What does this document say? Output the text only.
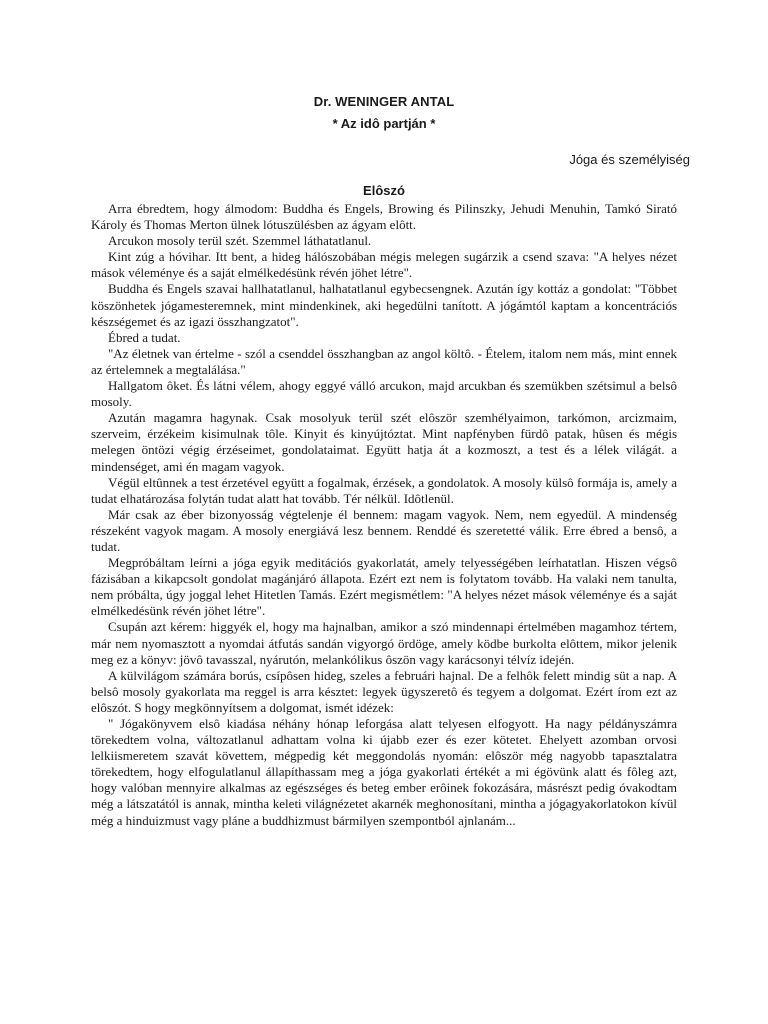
Dr. WENINGER ANTAL
* Az idô partján *
Jóga és személyiség
Elôszó

Arra ébredtem, hogy álmodom: Buddha és Engels, Browing és Pilinszky, Jehudi Menuhin, Tamkó Sirató Károly és Thomas Merton ülnek lótuszülésben az ágyam elôtt.

Arcukon mosoly terül szét. Szemmel láthatatlanul.

Kint zúg a hóvihar. Itt bent, a hideg hálószobában mégis melegen sugárzik a csend szava: "A helyes nézet mások véleménye és a saját elmélkedésünk révén jöhet létre".

Buddha és Engels szavai hallhatatlanul, halhatatlanul egybecsengnek. Azután így kottáz a gondolat: "Többet köszönhetek jógamesteremnek, mint mindenkinek, aki hegedülni tanított. A jógámtól kaptam a koncentrációs készségemet és az igazi összhangzatot".

Ébred a tudat.

"Az életnek van értelme - szól a csenddel összhangban az angol költô. - Ételem, italom nem más, mint ennek az értelemnek a megtalálása."

Hallgatom ôket. És látni vélem, ahogy eggyé válló arcukon, majd arcukban és szemükben szétsimul a belsô mosoly.

Azután magamra hagynak. Csak mosolyuk terül szét elôször szemhélyaimon, tarkómon, arcizmaim, szerveim, érzékeim kisimulnak tôle. Kinyit és kinyújtóztat. Mint napfényben fürdô patak, hûsen és mégis melegen öntözi végig érzéseimet, gondolataimat. Együtt hatja át a kozmoszt, a test és a lélek világát. a mindenséget, ami én magam vagyok.

Végül eltûnnek a test érzetével együtt a fogalmak, érzések, a gondolatok. A mosoly külsô formája is, amely a tudat elhatározása folytán tudat alatt hat tovább. Tér nélkül. Idôtlenül.

Már csak az éber bizonyosság végtelenje él bennem: magam vagyok. Nem, nem egyedül. A mindenség részeként vagyok magam. A mosoly energiává lesz bennem. Renddé és szeretetté válik. Erre ébred a bensô, a tudat.

Megpróbáltam leírni a jóga egyik meditációs gyakorlatát, amely telyességében leírhatatlan. Hiszen végsô fázisában a kikapcsolt gondolat magánjáró állapota. Ezért ezt nem is folytatom tovább. Ha valaki nem tanulta, nem próbálta, úgy joggal lehet Hitetlen Tamás. Ezért megismétlem: "A helyes nézet mások véleménye és a saját elmélkedésünk révén jöhet létre".

Csupán azt kérem: higgyék el, hogy ma hajnalban, amikor a szó mindennapi értelmében magamhoz tértem, már nem nyomasztott a nyomdai átfutás sandán vigyorgó ördöge, amely ködbe burkolta elôttem, mikor jelenik meg ez a könyv: jövô tavasszal, nyárutón, melankólikus ôszön vagy karácsonyi télvíz idején.

A külvilágom számára borús, csípôsen hideg, szeles a februári hajnal. De a felhôk felett mindig süt a nap. A belsô mosoly gyakorlata ma reggel is arra késztet: legyek ügyszeretô és tegyem a dolgomat. Ezért írom ezt az elôszót. S hogy megkönnyítsem a dolgomat, ismét idézek:

" Jógakönyvem elsô kiadása néhány hónap leforgása alatt telyesen elfogyott. Ha nagy példányszámra törekedtem volna, változatlanul adhattam volna ki újabb ezer és ezer kötetet. Ehelyett azomban orvosi lelkiismeretem szavát követtem, mégpedig két meggondolás nyomán: elôször még nagyobb tapasztalatra törekedtem, hogy elfogulatlanul állapíthassam meg a jóga gyakorlati értékét a mi égövünk alatt és fôleg azt, hogy valóban mennyire alkalmas az egészséges és beteg ember erôinek fokozására, másrészt pedig óvakodtam még a látszatától is annak, mintha keleti világnézetet akarnék meghonosítani, mintha a jógagyakorlatokon kívül még a hinduizmust vagy pláne a buddhizmust bármilyen szempontból ajnlanám...
